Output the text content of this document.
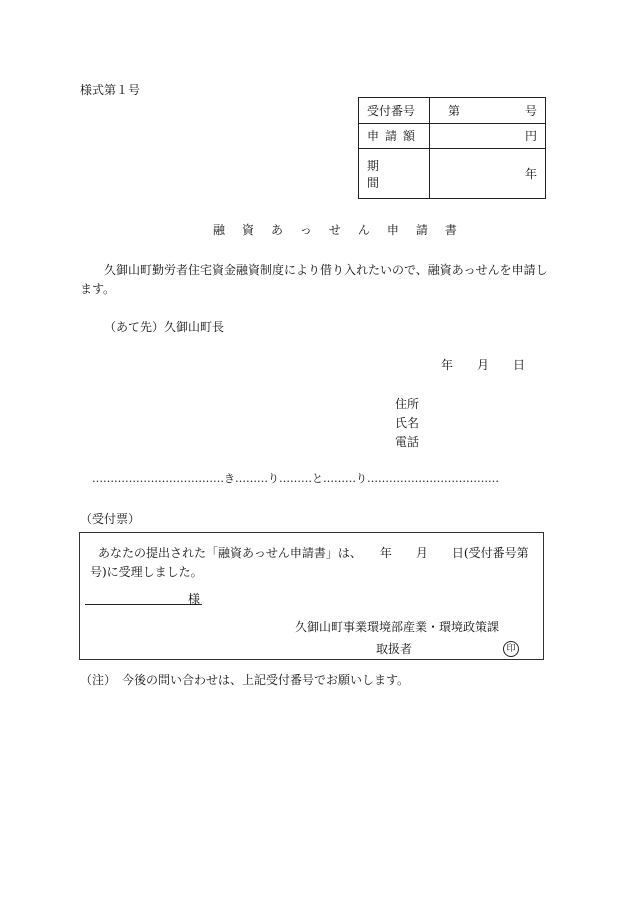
様式第１号
受付番号	第 号
申請額	円
期間	年
融資あっせん申請書
久御山町勤労者住宅資金融資制度により借り入れたいので、融資あっせんを申請します。
（あて先）久御山町長
年　　月　　日
住所
氏名
電話
………………………………き………り………と………り………………………………
（受付票）
あなたの提出された「融資あっせん申請書」は、　　年　　月　　日(受付番号第　号)に受理しました。
様
久御山町事業環境部産業・環境政策課
取扱者	印
（注）　今後の問い合わせは、上記受付番号でお願いします。
